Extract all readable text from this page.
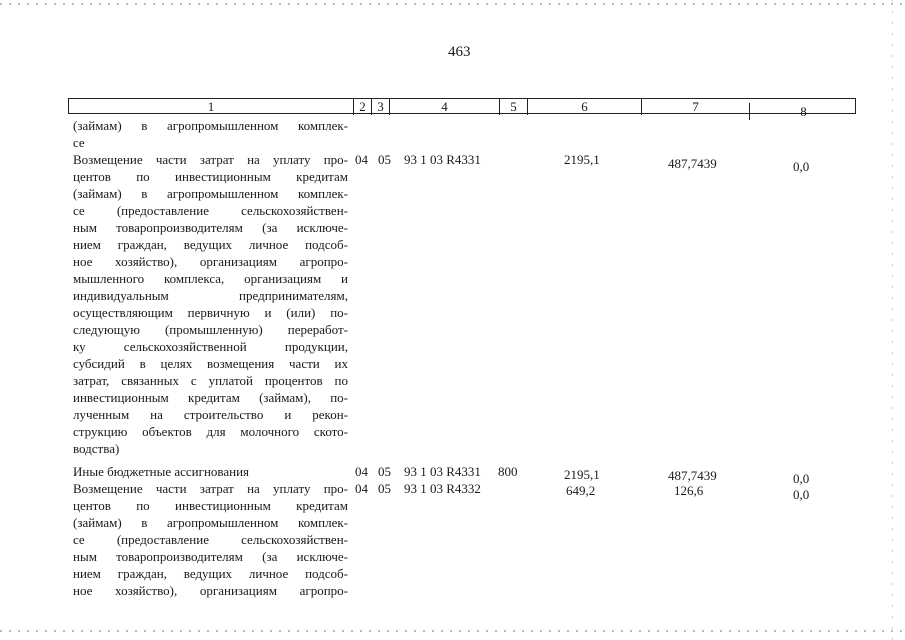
463
1	2 3	4	5	6	7	8
(займам) в агропромышленном комплек-
се
Возмещение части затрат на уплату про-
центов по инвестиционным кредитам
(займам) в агропромышленном комплек-
се (предоставление сельскохозяйствен-
ным товаропроизводителям (за исключе-
нием граждан, ведущих личное подсоб-
ное хозяйство), организациям агропро-
мышленного комплекса, организациям и
индивидуальным предпринимателям,
осуществляющим первичную и (или) по-
следующую (промышленную) переработ-
ку сельскохозяйственной продукции,
субсидий в целях возмещения части их
затрат, связанных с уплатой процентов по
инвестиционным кредитам (займам), по-
лученным на строительство и рекон-
струкцию объектов для молочного ското-
водства)
04 05 93 1 03 R4331	2195,1	487,7439	0,0
Иные бюджетные ассигнования	04 05 93 1 03 R4331 800	2195,1	487,7439	0,0
Возмещение части затрат на уплату про-
центов по инвестиционным кредитам
(займам) в агропромышленном комплек-
се (предоставление сельскохозяйствен-
ным товаропроизводителям (за исключе-
нием граждан, ведущих личное подсоб-
ное хозяйство), организациям агропро-
04 05 93 1 03 R4332	649,2	126,6	0,0
